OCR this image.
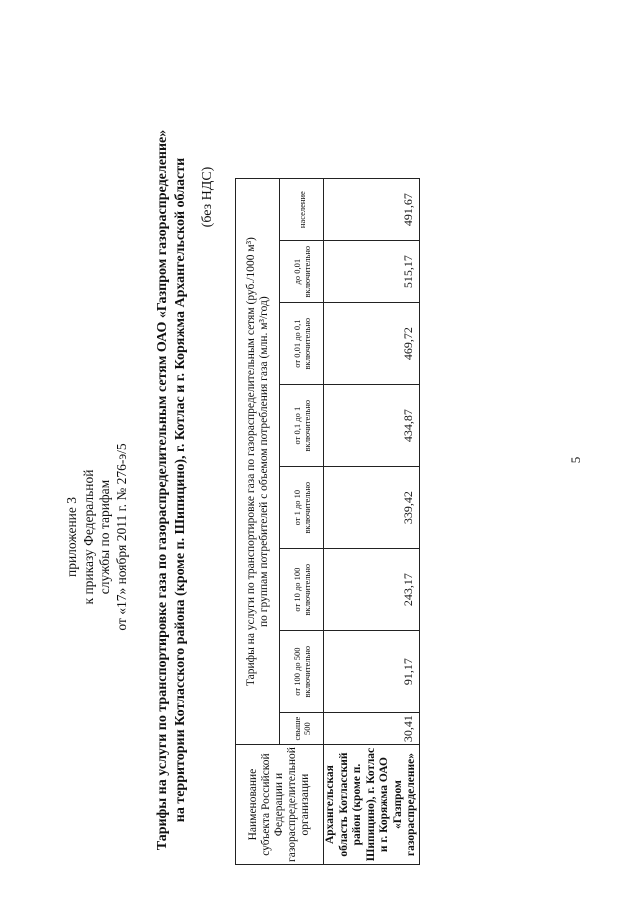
приложение 3 к приказу Федеральной службы по тарифам от «17» ноября 2011 г. № 276-э/5 Тарифы на услуги по транспортировке газа по газораспределительным сетям ОАО «Газпром газораспределение» на территории Котласского района (кроме п. Шипицино), г. Котлас и г. Коряжма Архангельской области (без НДС)
Наименование субъекта Российской Федерации и газораспределительной организации	Тарифы на услуги по транспортировке газа по газораспределительным сетям (руб./1000 м³) по группам потребителей с объемом потребления газа (млн. м³/год)							

	свыше 500	от 100 до 500 включительно	от 10 до 100 включительно	от 1 до 10 включительно	от 0,1 до 1 включительно	от 0,01 до 0,1 включительно	до 0,01 включительно	население
Архангельская область Котласский район (кроме п. Шипицино), г. Котлас и г. Коряжма ОАО «Газпром газораспределение»	30,41	91,17	243,17	339,42	434,87	469,72	515,17	491,67
5
